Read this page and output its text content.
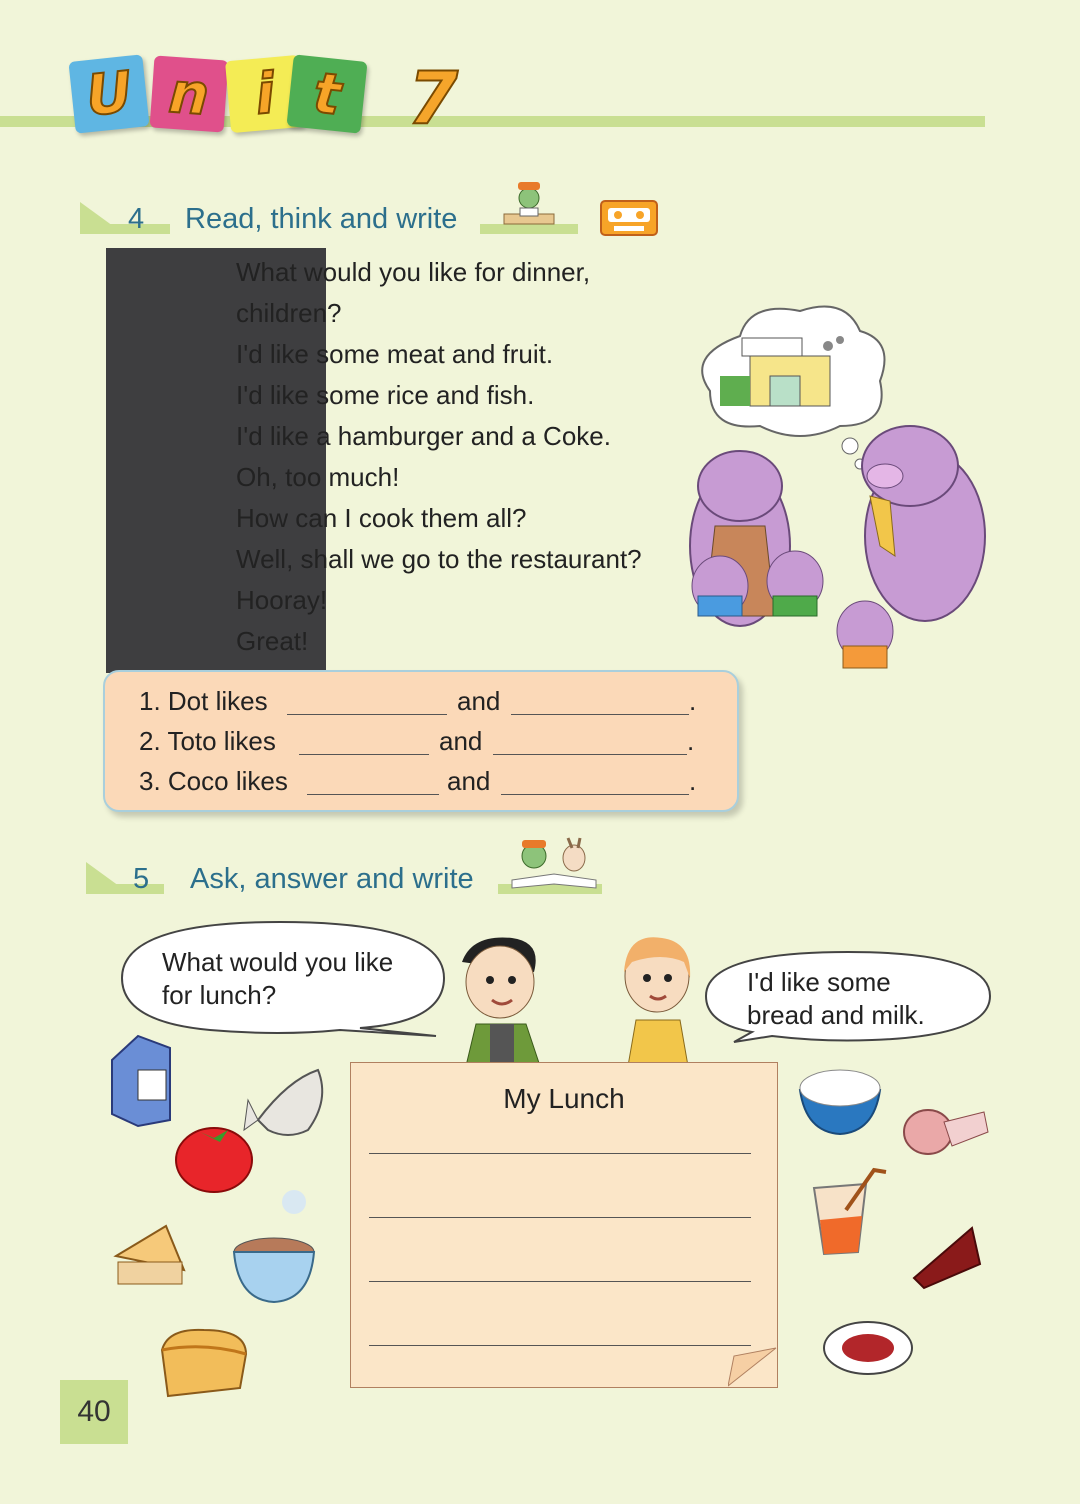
U n i t 7
4 Read, think and write
What would you like for dinner,
children?
I'd like some meat and fruit.
I'd like some rice and fish.
I'd like a hamburger and a Coke.
Oh, too much!
How can I cook them all?
Well, shall we go to the restaurant?
Hooray!
Great!
1. Dot likes	and	.
2. Toto likes	and	.
3. Coco likes	and	.
5 Ask, answer and write
What would you like
for lunch?	I'd like some
bread and milk.
My Lunch
40
